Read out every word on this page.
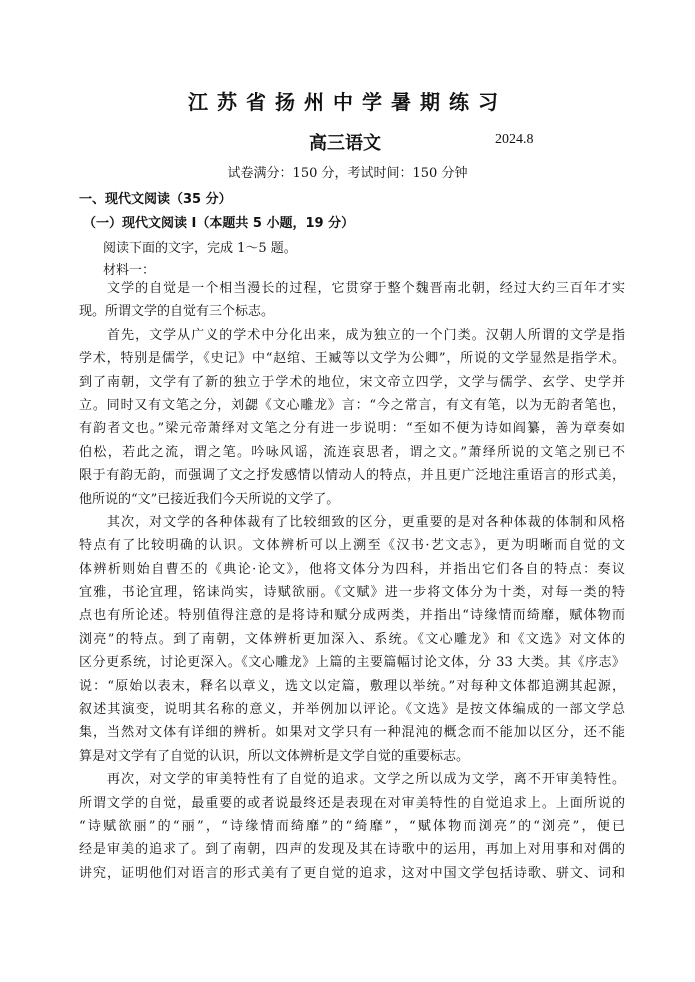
江苏省扬州中学暑期练习
高三语文	2024.8
试卷满分：150 分，考试时间：150 分钟
一、现代文阅读（35 分）
（一）现代文阅读 I（本题共 5 小题，19 分）
阅读下面的文字，完成 1～5 题。
材料一：
　　文学的自觉是一个相当漫长的过程，它贯穿于整个魏晋南北朝，经过大约三百年才实
现。所谓文学的自觉有三个标志。
　　首先，文学从广义的学术中分化出来，成为独立的一个门类。汉朝人所谓的文学是指
学术，特别是儒学，《史记》中“赵绾、王臧等以文学为公卿”，所说的文学显然是指学术。
到了南朝，文学有了新的独立于学术的地位，宋文帝立四学，文学与儒学、玄学、史学并
立。同时又有文笔之分，刘勰《文心雕龙》言：“今之常言，有文有笔，以为无韵者笔也，
有韵者文也。”梁元帝萧绎对文笔之分有进一步说明：“至如不便为诗如阎纂，善为章奏如
伯松，若此之流，谓之笔。吟咏风谣，流连哀思者，谓之文。”萧绎所说的文笔之别已不
限于有韵无韵，而强调了文之抒发感情以情动人的特点，并且更广泛地注重语言的形式美，
他所说的“文”已接近我们今天所说的文学了。
　　其次，对文学的各种体裁有了比较细致的区分，更重要的是对各种体裁的体制和风格
特点有了比较明确的认识。文体辨析可以上溯至《汉书·艺文志》，更为明晰而自觉的文
体辨析则始自曹丕的《典论·论文》，他将文体分为四科，并指出它们各自的特点：奏议
宜雅，书论宜理，铭诔尚实，诗赋欲丽。《文赋》进一步将文体分为十类，对每一类的特
点也有所论述。特别值得注意的是将诗和赋分成两类，并指出“诗缘情而绮靡，赋体物而
浏亮”的特点。到了南朝，文体辨析更加深入、系统。《文心雕龙》和《文选》对文体的
区分更系统，讨论更深入。《文心雕龙》上篇的主要篇幅讨论文体，分 33 大类。其《序志》
说：“原始以表末，释名以章义，选文以定篇，敷理以举统。”对每种文体都追溯其起源，
叙述其演变，说明其名称的意义，并举例加以评论。《文选》是按文体编成的一部文学总
集，当然对文体有详细的辨析。如果对文学只有一种混沌的概念而不能加以区分，还不能
算是对文学有了自觉的认识，所以文体辨析是文学自觉的重要标志。
　　再次，对文学的审美特性有了自觉的追求。文学之所以成为文学，离不开审美特性。
所谓文学的自觉，最重要的或者说最终还是表现在对审美特性的自觉追求上。上面所说的
“诗赋欲丽”的“丽”，“诗缘情而绮靡”的“绮靡”，“赋体物而浏亮”的“浏亮”，便已
经是审美的追求了。到了南朝，四声的发现及其在诗歌中的运用，再加上对用事和对偶的
讲究，证明他们对语言的形式美有了更自觉的追求，这对中国文学包括诗歌、骈文、词和
